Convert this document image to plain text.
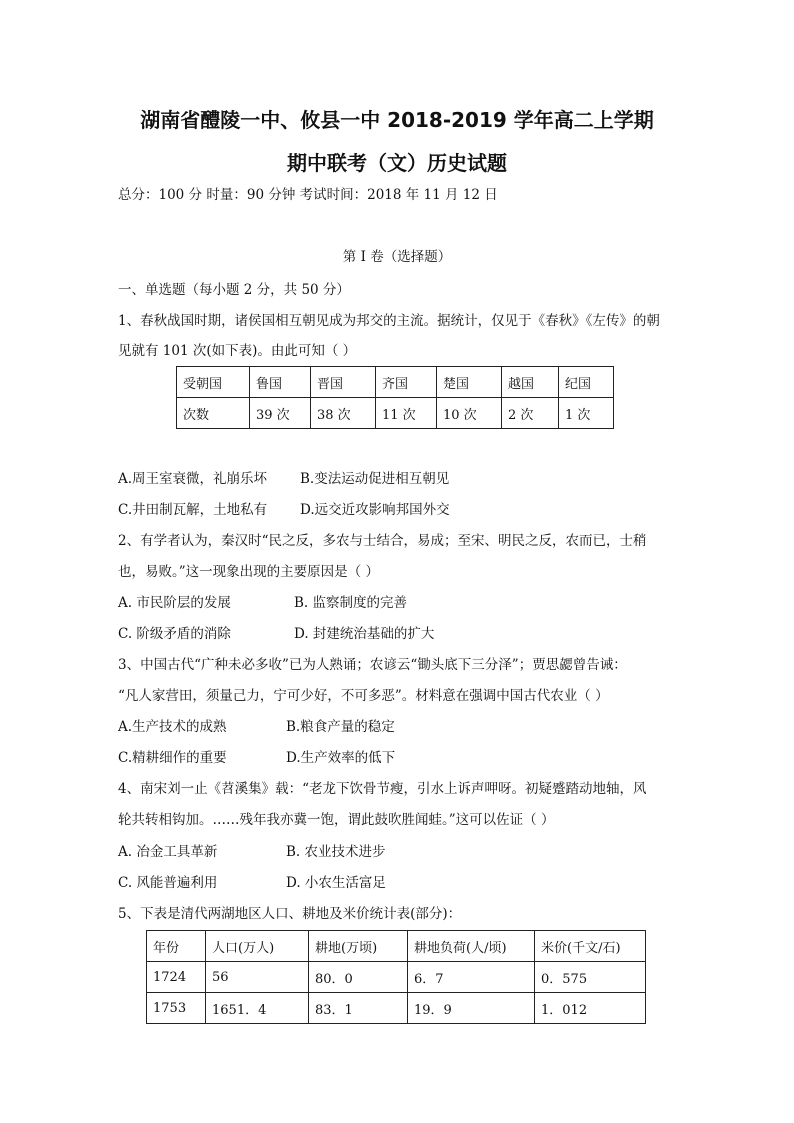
湖南省醴陵一中、攸县一中 2018-2019 学年高二上学期
期中联考（文）历史试题
总分：100 分 时量：90 分钟 考试时间：2018 年 11 月 12 日
第 I 卷（选择题）
一、单选题（每小题 2 分，共 50 分）
1、春秋战国时期，诸侯国相互朝见成为邦交的主流。据统计，仅见于《春秋》《左传》的朝
见就有 101 次(如下表)。由此可知（ ）
受朝国	鲁国	晋国	齐国	楚国	越国	纪国
次数	39 次	38 次	11 次	10 次	2 次	1 次
A.周王室衰微，礼崩乐坏 B.变法运动促进相互朝见
C.井田制瓦解，土地私有 D.远交近攻影响邦国外交
2、有学者认为，秦汉时“民之反，多农与士结合，易成；至宋、明民之反，农而已，士稍
也，易败。”这一现象出现的主要原因是（ ）
A. 市民阶层的发展	B. 监察制度的完善
C. 阶级矛盾的消除	D. 封建统治基础的扩大
3、中国古代“广种未必多收”已为人熟诵；农谚云“锄头底下三分泽”；贾思勰曾告诫：
“凡人家营田，须量己力，宁可少好，不可多恶”。材料意在强调中国古代农业（ ）
A.生产技术的成熟	B.粮食产量的稳定
C.精耕细作的重要	D.生产效率的低下
4、南宋刘一止《苕溪集》载：“老龙下饮骨节瘦，引水上诉声呷呀。初疑蹙踏动地轴，风
轮共转相钩加。……残年我亦冀一饱，谓此鼓吹胜闻蛙。”这可以佐证（ ）
A. 冶金工具革新	B. 农业技术进步
C. 风能普遍利用	D. 小农生活富足
5、下表是清代两湖地区人口、耕地及米价统计表(部分)：
年份	人口(万人)	耕地(万顷)	耕地负荷(人/顷)	米价(千文/石)
1724	56	80．0	6．7	0．575
1753	1651．4	83．1	19．9	1．012
